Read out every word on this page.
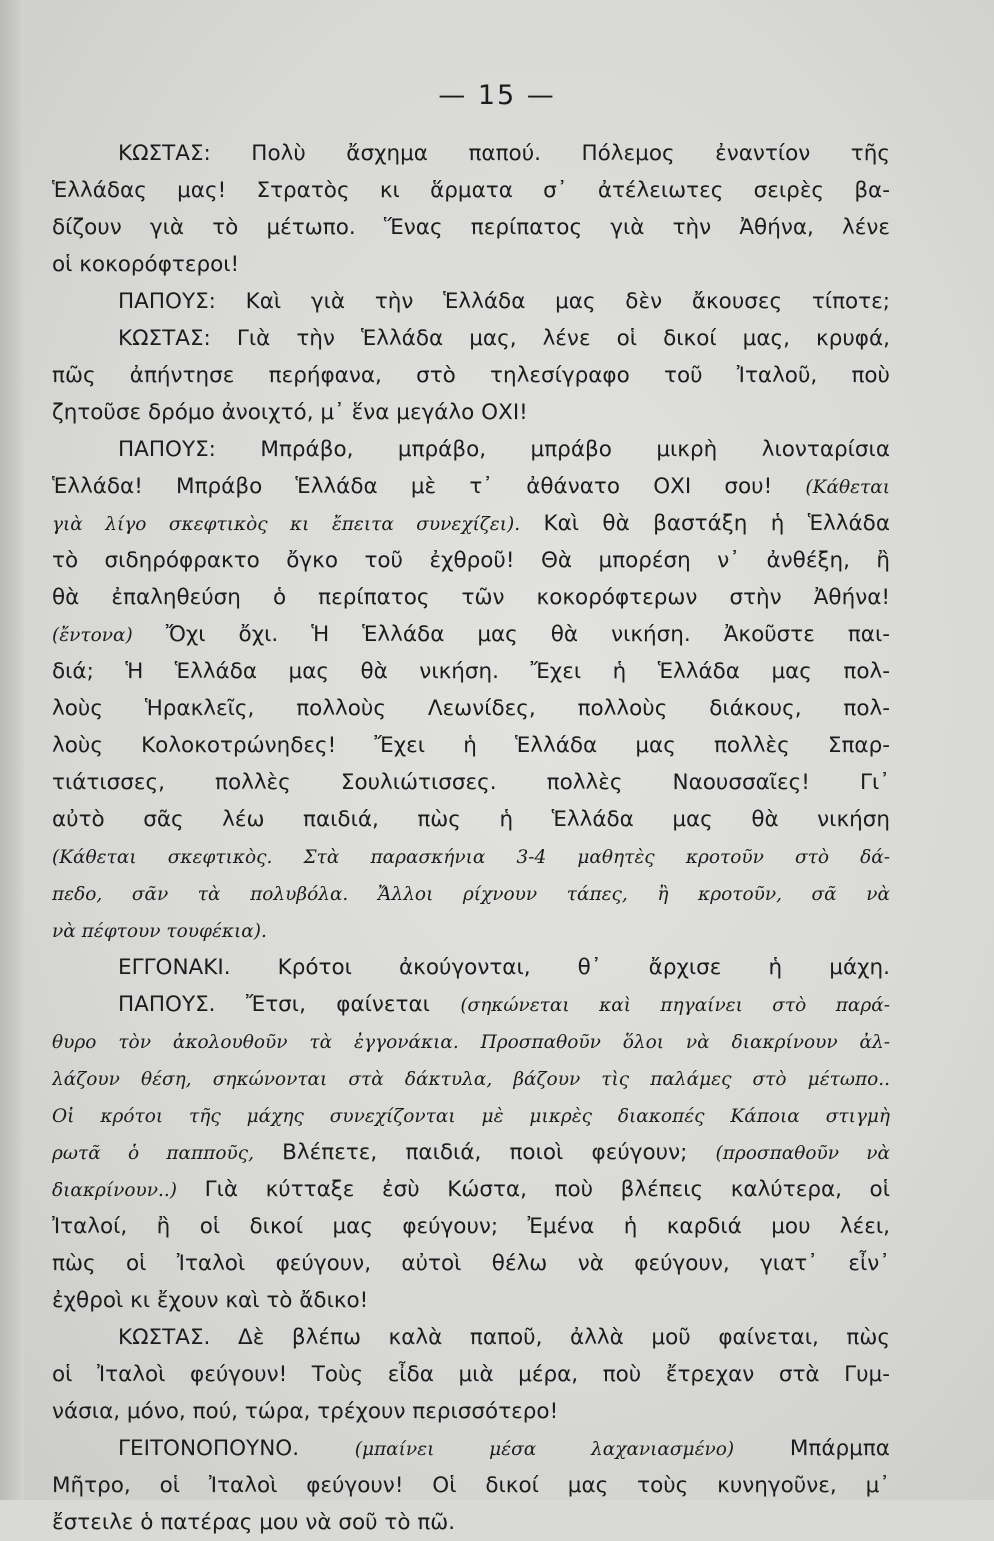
— 15 —
ΚΩΣΤΑΣ: Πολὺ ἄσχημα παπού. Πόλεμος ἐναντίον τῆς
Ἑλλάδας μας! Στρατὸς κι ἅρματα σ᾽ ἀτέλειωτες σειρὲς βα-
δίζουν γιὰ τὸ μέτωπο. Ἕνας περίπατος γιὰ τὴν Ἀθήνα, λένε
οἱ κοκορόφτεροι!
ΠΑΠΟΥΣ: Καὶ γιὰ τὴν Ἑλλάδα μας δὲν ἄκουσες τίποτε;
ΚΩΣΤΑΣ: Γιὰ τὴν Ἑλλάδα μας, λένε οἱ δικοί μας, κρυφά,
πῶς ἀπήντησε περήφανα, στὸ τηλεσίγραφο τοῦ Ἰταλοῦ, ποὺ
ζητοῦσε δρόμο ἀνοιχτό, μ᾽ ἕνα μεγάλο ΟΧΙ!
ΠΑΠΟΥΣ: Μπράβο, μπράβο, μπράβο μικρὴ λιονταρίσια
Ἑλλάδα! Μπράβο Ἑλλάδα μὲ τ᾽ ἀθάνατο ΟΧΙ σου! (Κάθεται
γιὰ λίγο σκεφτικὸς κι ἔπειτα συνεχίζει). Καὶ θὰ βαστάξη ἡ Ἑλλάδα
τὸ σιδηρόφρακτο ὄγκο τοῦ ἐχθροῦ! Θὰ μπορέση ν᾽ ἀνθέξη, ἢ
θὰ ἐπαληθεύση ὁ περίπατος τῶν κοκορόφτερων στὴν Ἀθήνα!
(ἔντονα) Ὄχι ὄχι. Ἡ Ἑλλάδα μας θὰ νικήση. Ἀκοῦστε παι-
διά; Ἡ Ἑλλάδα μας θὰ νικήση. Ἔχει ἡ Ἑλλάδα μας πολ-
λοὺς Ἡρακλεῖς, πολλοὺς Λεωνίδες, πολλοὺς διάκους, πολ-
λοὺς Κολοκοτρώνηδες! Ἔχει ἡ Ἑλλάδα μας πολλὲς Σπαρ-
τιάτισσες, πολλὲς Σουλιώτισσες. πολλὲς Ναουσσαῖες! Γι᾽
αὐτὸ σᾶς λέω παιδιά, πὼς ἡ Ἑλλάδα μας θὰ νικήση
(Κάθεται σκεφτικὸς. Στὰ παρασκήνια 3-4 μαθητὲς κροτοῦν στὸ δά-
πεδο, σᾶν τὰ πολυβόλα. Ἄλλοι ρίχνουν τάπες, ἢ κροτοῦν, σᾶ νὰ
νὰ πέφτουν τουφέκια).
ΕΓΓΟΝΑΚΙ. Κρότοι ἀκούγονται, θ᾽ ἄρχισε ἡ μάχη.
ΠΑΠΟΥΣ. Ἔτσι, φαίνεται (σηκώνεται καὶ πηγαίνει στὸ παρά-
θυρο τὸν ἀκολουθοῦν τὰ ἐγγονάκια. Προσπαθοῦν ὅλοι νὰ διακρίνουν ἀλ-
λάζουν θέση, σηκώνονται στὰ δάκτυλα, βάζουν τὶς παλάμες στὸ μέτωπο..
Οἱ κρότοι τῆς μάχης συνεχίζονται μὲ μικρὲς διακοπές Κάποια στιγμὴ
ρωτᾶ ὁ παπποῦς, Βλέπετε, παιδιά, ποιοὶ φεύγουν; (προσπαθοῦν νὰ
διακρίνουν..) Γιὰ κύτταξε ἐσὺ Κώστα, ποὺ βλέπεις καλύτερα, οἱ
Ἰταλοί, ἢ οἱ δικοί μας φεύγουν; Ἐμένα ἡ καρδιά μου λέει,
πὼς οἱ Ἰταλοὶ φεύγουν, αὐτοὶ θέλω νὰ φεύγουν, γιατ᾽ εἶν᾽
ἐχθροὶ κι ἔχουν καὶ τὸ ἄδικο!
ΚΩΣΤΑΣ. Δὲ βλέπω καλὰ παποῦ, ἀλλὰ μοῦ φαίνεται, πὼς
οἱ Ἰταλοὶ φεύγουν! Τοὺς εἶδα μιὰ μέρα, ποὺ ἔτρεχαν στὰ Γυμ-
νάσια, μόνο, πού, τώρα, τρέχουν περισσότερο!
ΓΕΙΤΟΝΟΠΟΥΝΟ. (μπαίνει μέσα λαχανιασμένο) Μπάρμπα
Μῆτρο, οἱ Ἰταλοὶ φεύγουν! Οἱ δικοί μας τοὺς κυνηγοῦνε, μ᾽
ἔστειλε ὁ πατέρας μου νὰ σοῦ τὸ πῶ.
